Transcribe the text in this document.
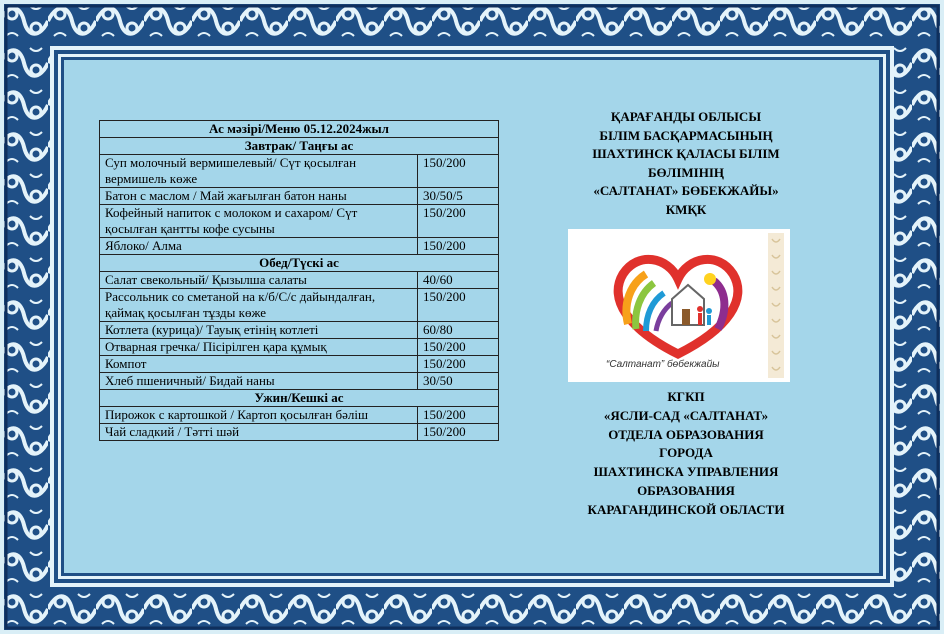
Ас мәзірі/Меню 05.12.2024жыл	
Завтрак/ Таңғы ас	
Суп молочный вермишелевый/ Сүт қосылған вермишель көже	150/200
Батон с маслом / Май жағылған батон наны	30/50/5
Кофейный напиток с молоком и сахаром/ Сүт қосылған қантты кофе сусыны	150/200
Яблоко/ Алма	150/200
Обед/Түскі ас	
Салат свекольный/ Қызылша салаты	40/60
Рассольник со сметаной на к/б/С/с дайындалған, қаймақ қосылған тұзды көже	150/200
Котлета (курица)/ Тауық етінің котлеті	60/80
Отварная гречка/ Пісірілген қара құмық	150/200
Компот	150/200
Хлеб пшеничный/ Бидай наны	30/50
Ужин/Кешкі ас	
Пирожок с картошкой / Картоп қосылған бәліш	150/200
Чай сладкий / Тәтті шәй	150/200
ҚАРАҒАНДЫ ОБЛЫСЫ
БІЛІМ БАСҚАРМАСЫНЫҢ
ШАХТИНСК ҚАЛАСЫ БІЛІМ
БӨЛІМІНІҢ
«САЛТАНАТ» БӨБЕКЖАЙЫ»
КМҚК
“Салтанат” бөбекжайы
КГКП
«ЯСЛИ-САД «САЛТАНАТ»
ОТДЕЛА ОБРАЗОВАНИЯ
ГОРОДА
ШАХТИНСКА УПРАВЛЕНИЯ
ОБРАЗОВАНИЯ
КАРАГАНДИНСКОЙ ОБЛАСТИ
